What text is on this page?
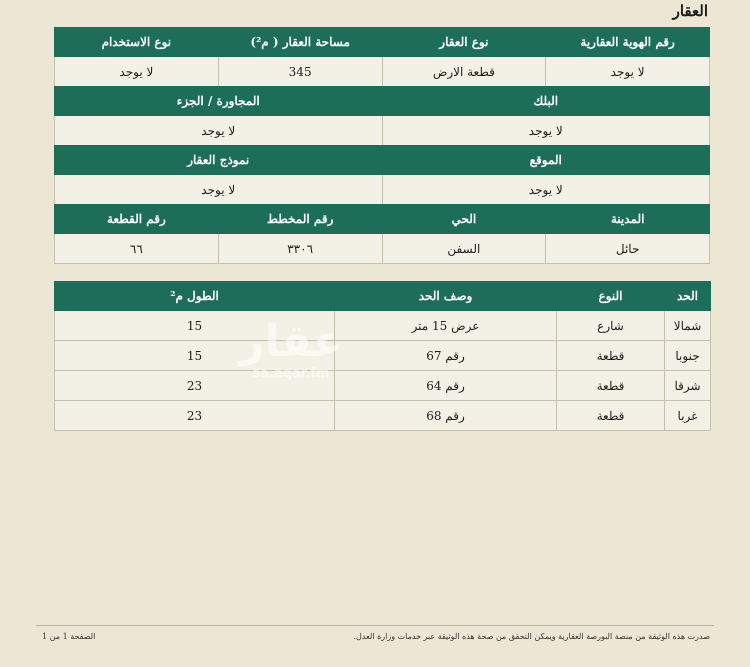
العقار
رقم الهوية العقارية	نوع العقار	مساحة العقار ( م²)	نوع الاستخدام
لا يوجد	قطعة الارض	345	لا يوجد
البلك	المجاورة / الجزء
لا يوجد	لا يوجد
الموقع	نموذج العقار
لا يوجد	لا يوجد
المدينة	الحي	رقم المخطط	رقم القطعة
حائل	السفن	٣٣٠٦	٦٦
الحد	النوع	وصف الحد	الطول م²
شمالا	شارع	عرض 15 متر	15
جنوبا	قطعة	رقم 67	15
شرقا	قطعة	رقم 64	23
غربا	قطعة	رقم 68	23
عقار
sa.aqar.fm
صدرت هذه الوثيقة من منصة البورصة العقارية ويمكن التحقق من صحة هذه الوثيقة عبر خدمات وزارة العدل.
الصفحة 1 من 1
